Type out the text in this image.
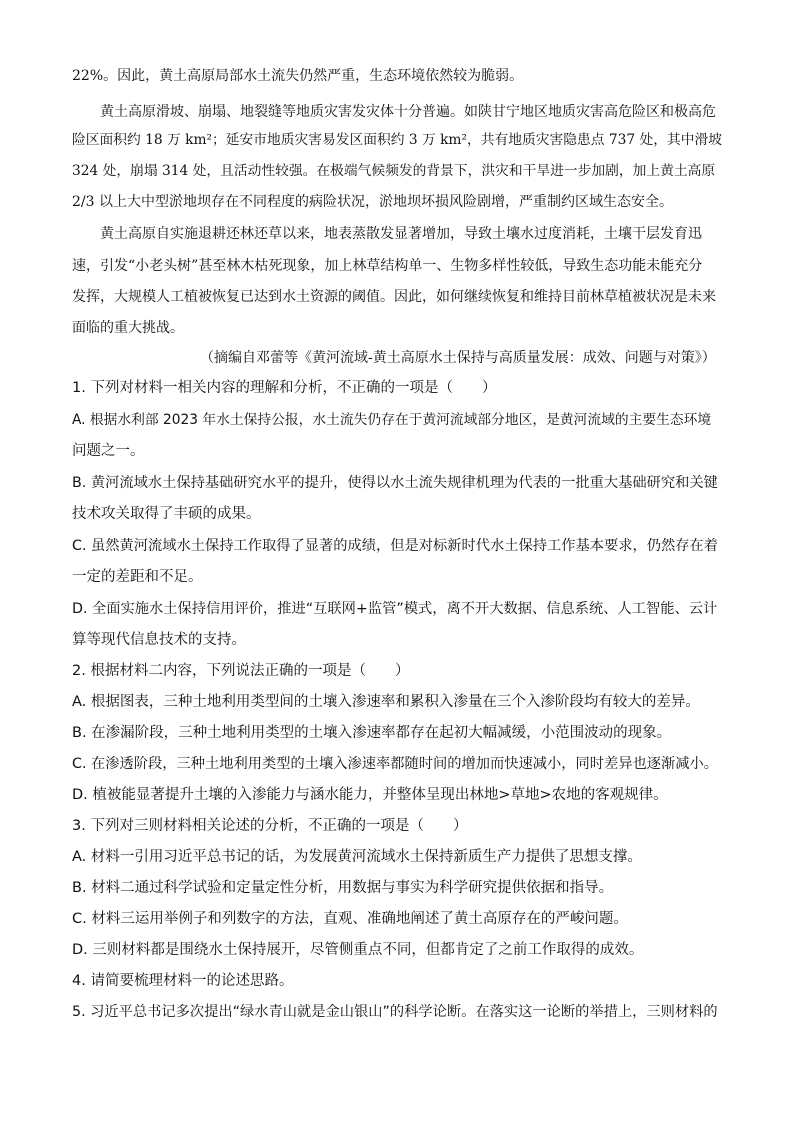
22%。因此，黄土高原局部水土流失仍然严重，生态环境依然较为脆弱。
黄土高原滑坡、崩塌、地裂缝等地质灾害发灾体十分普遍。如陕甘宁地区地质灾害高危险区和极高危
险区面积约 18 万 km²；延安市地质灾害易发区面积约 3 万 km²，共有地质灾害隐患点 737 处，其中滑坡
324 处，崩塌 314 处，且活动性较强。在极端气候频发的背景下，洪灾和干旱进一步加剧，加上黄土高原
2/3 以上大中型淤地坝存在不同程度的病险状况，淤地坝坏损风险剧增，严重制约区域生态安全。
黄土高原自实施退耕还林还草以来，地表蒸散发显著增加，导致土壤水过度消耗，土壤干层发育迅
速，引发“小老头树”甚至林木枯死现象，加上林草结构单一、生物多样性较低，导致生态功能未能充分
发挥，大规模人工植被恢复已达到水土资源的阈值。因此，如何继续恢复和维持目前林草植被状况是未来
面临的重大挑战。
（摘编自邓蕾等《黄河流域-黄土高原水土保持与高质量发展：成效、问题与对策》）
1. 下列对材料一相关内容的理解和分析，不正确的一项是（　　）
A. 根据水利部 2023 年水土保持公报，水土流失仍存在于黄河流域部分地区，是黄河流域的主要生态环境
问题之一。
B. 黄河流域水土保持基础研究水平的提升，使得以水土流失规律机理为代表的一批重大基础研究和关键
技术攻关取得了丰硕的成果。
C. 虽然黄河流域水土保持工作取得了显著的成绩，但是对标新时代水土保持工作基本要求，仍然存在着
一定的差距和不足。
D. 全面实施水土保持信用评价，推进“互联网+监管”模式，离不开大数据、信息系统、人工智能、云计
算等现代信息技术的支持。
2. 根据材料二内容，下列说法正确的一项是（　　）
A. 根据图表，三种土地利用类型间的土壤入渗速率和累积入渗量在三个入渗阶段均有较大的差异。
B. 在渗漏阶段，三种土地利用类型的土壤入渗速率都存在起初大幅减缓，小范围波动的现象。
C. 在渗透阶段，三种土地利用类型的土壤入渗速率都随时间的增加而快速减小，同时差异也逐渐减小。
D. 植被能显著提升土壤的入渗能力与涵水能力，并整体呈现出林地>草地>农地的客观规律。
3. 下列对三则材料相关论述的分析，不正确的一项是（　　）
A. 材料一引用习近平总书记的话，为发展黄河流域水土保持新质生产力提供了思想支撑。
B. 材料二通过科学试验和定量定性分析，用数据与事实为科学研究提供依据和指导。
C. 材料三运用举例子和列数字的方法，直观、准确地阐述了黄土高原存在的严峻问题。
D. 三则材料都是围绕水土保持展开，尽管侧重点不同，但都肯定了之前工作取得的成效。
4. 请简要梳理材料一的论述思路。
5. 习近平总书记多次提出“绿水青山就是金山银山”的科学论断。在落实这一论断的举措上，三则材料的
